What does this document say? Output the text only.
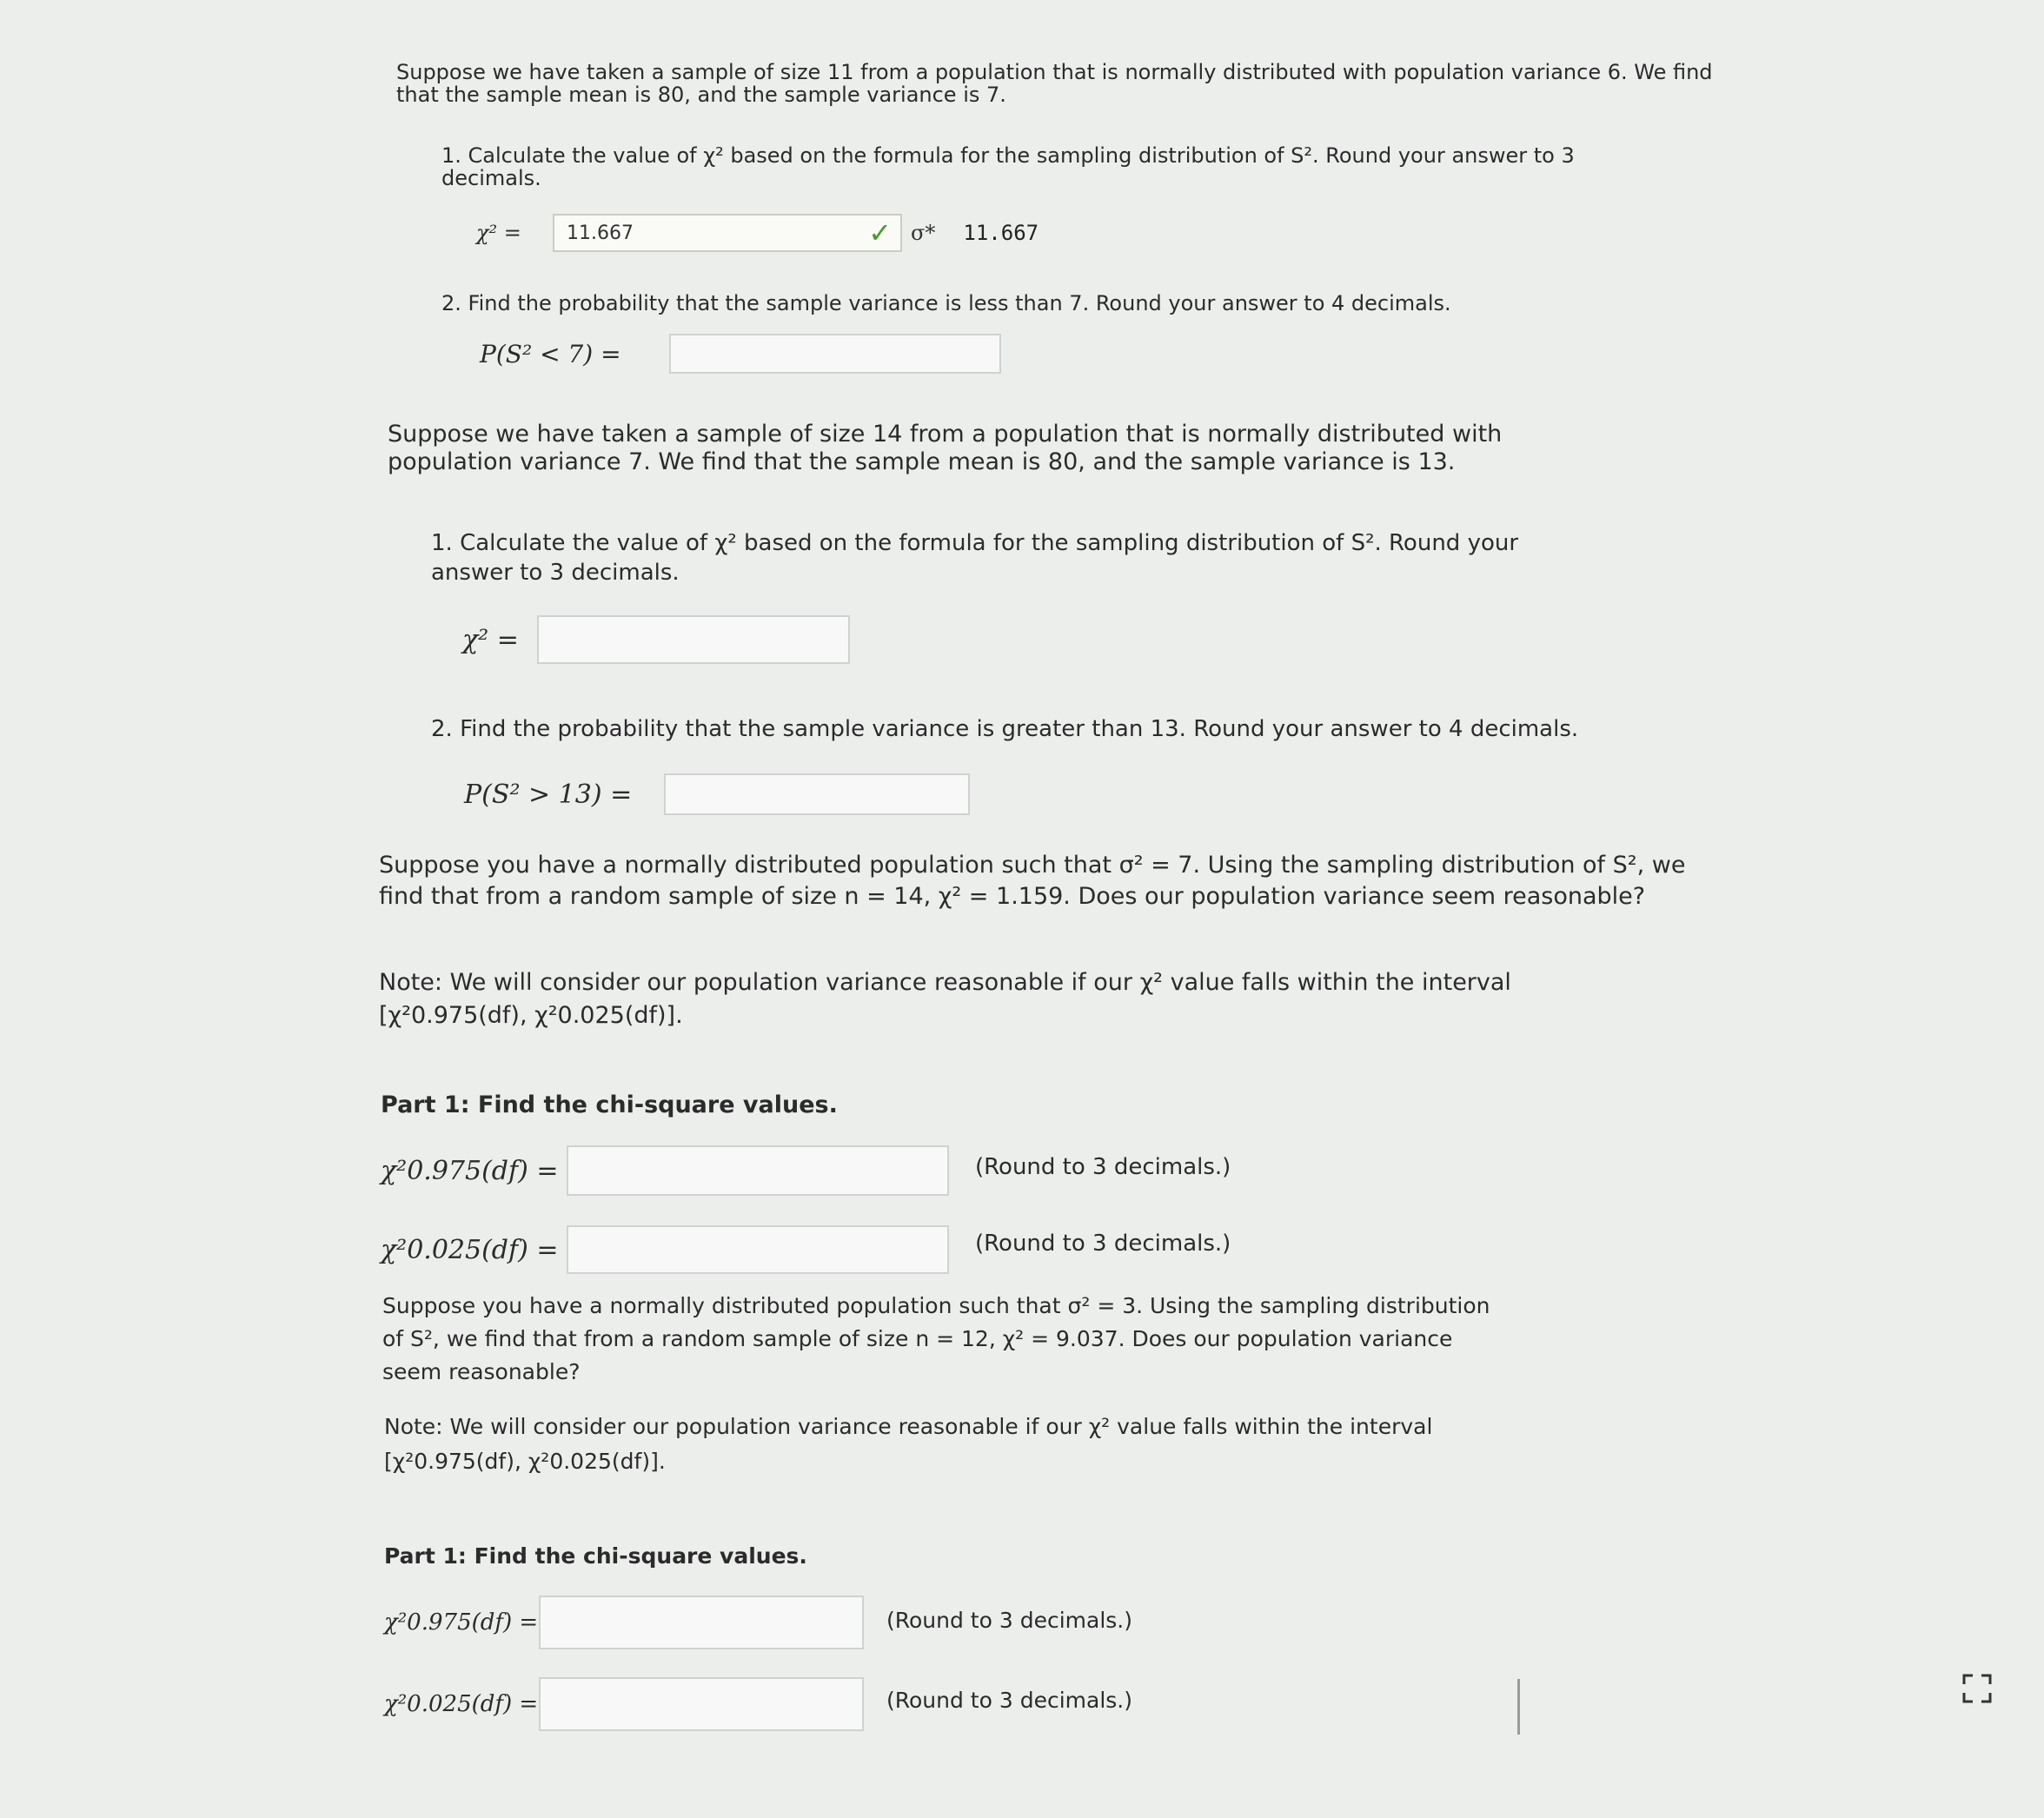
Suppose we have taken a sample of size 11 from a population that is normally distributed with population variance 6. We find that the sample mean is 80, and the sample variance is 7.
1. Calculate the value of χ² based on the formula for the sampling distribution of S². Round your answer to 3 decimals.
χ² =	11.667	✓ σ* 11.667
2. Find the probability that the sample variance is less than 7. Round your answer to 4 decimals.
P(S² < 7) =
Suppose we have taken a sample of size 14 from a population that is normally distributed with population variance 7. We find that the sample mean is 80, and the sample variance is 13.
1. Calculate the value of χ² based on the formula for the sampling distribution of S². Round your answer to 3 decimals.
χ² =
2. Find the probability that the sample variance is greater than 13. Round your answer to 4 decimals.
P(S² > 13) =
Suppose you have a normally distributed population such that σ² = 7. Using the sampling distribution of S², we find that from a random sample of size n = 14, χ² = 1.159. Does our population variance seem reasonable?
Note: We will consider our population variance reasonable if our χ² value falls within the interval [χ²0.975(df), χ²0.025(df)].
Part 1: Find the chi-square values.
χ²0.975(df) =	(Round to 3 decimals.)
χ²0.025(df) =	(Round to 3 decimals.)
Suppose you have a normally distributed population such that σ² = 3. Using the sampling distribution of S², we find that from a random sample of size n = 12, χ² = 9.037. Does our population variance seem reasonable?
Note: We will consider our population variance reasonable if our χ² value falls within the interval [χ²0.975(df), χ²0.025(df)].
Part 1: Find the chi-square values.
χ²0.975(df) =	(Round to 3 decimals.)
χ²0.025(df) =	(Round to 3 decimals.)
